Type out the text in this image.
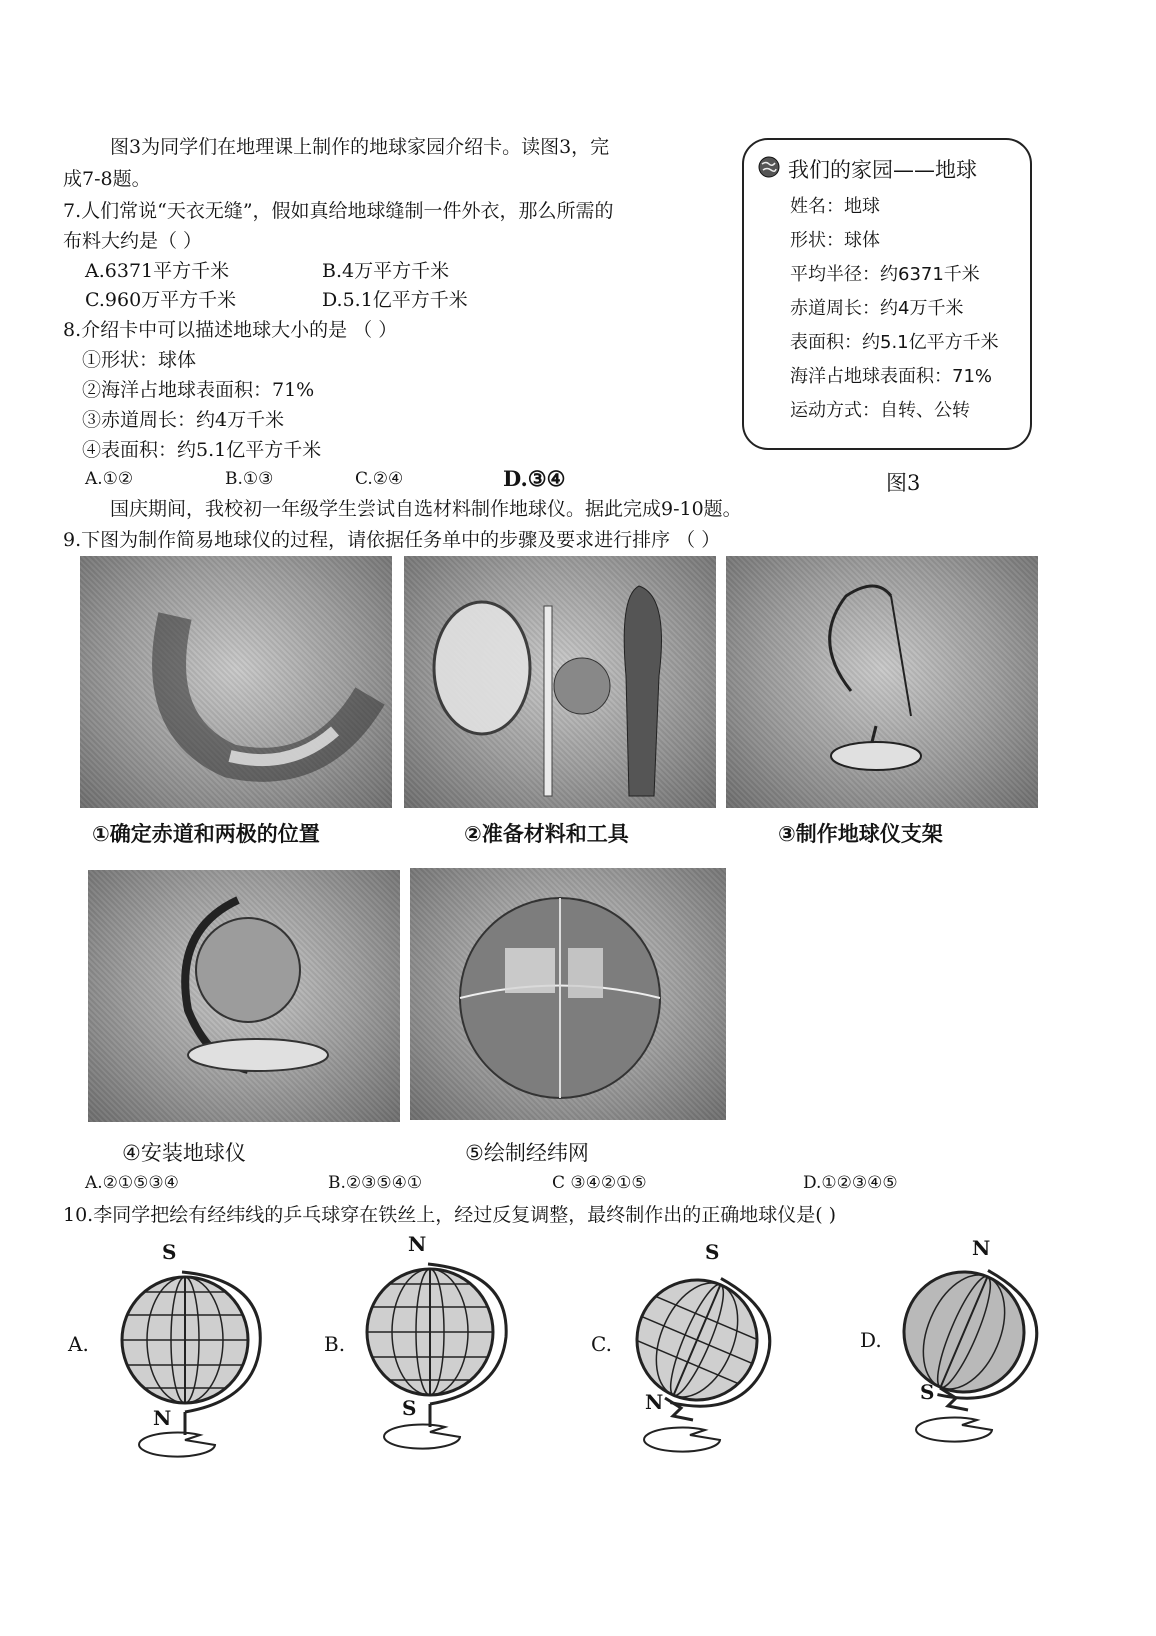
图3为同学们在地理课上制作的地球家园介绍卡。读图3，完
成7-8题。
7.人们常说“天衣无缝”，假如真给地球缝制一件外衣，那么所需的
布料大约是（ ）
A.6371平方千米	B.4万平方千米
C.960万平方千米	D.5.1亿平方千米
8.介绍卡中可以描述地球大小的是 （ ）
①形状：球体
②海洋占地球表面积：71%
③赤道周长：约4万千米
④表面积：约5.1亿平方千米
A.①②	B.①③	C.②④	D.③④
我们的家园——地球
姓名：地球
形状：球体
平均半径：约6371千米
赤道周长：约4万千米
表面积：约5.1亿平方千米
海洋占地球表面积：71%
运动方式：自转、公转
图3
国庆期间，我校初一年级学生尝试自选材料制作地球仪。据此完成9-10题。
9.下图为制作简易地球仪的过程，请依据任务单中的步骤及要求进行排序 （ ）
①确定赤道和两极的位置	②准备材料和工具	③制作地球仪支架
④安装地球仪	⑤绘制经纬网
A.②①⑤③④	B.②③⑤④①	C ③④②①⑤	D.①②③④⑤
10.李同学把绘有经纬线的乒乓球穿在铁丝上，经过反复调整，最终制作出的正确地球仪是( )
A.
S
N
B.
N
S
C.
S
N
D.
N
S
